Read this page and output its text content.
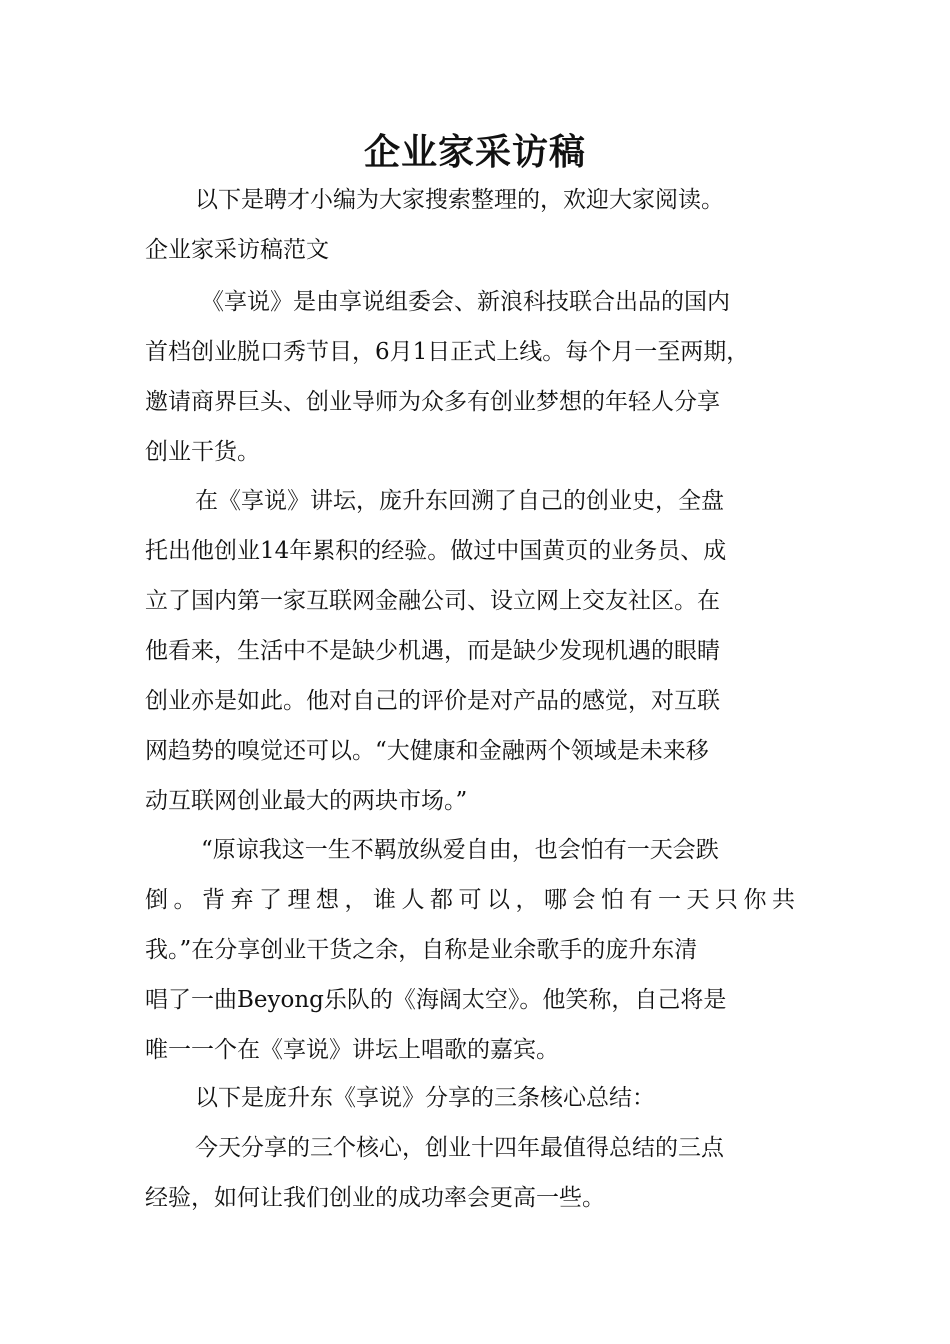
企业家采访稿
以下是聘才小编为大家搜索整理的，欢迎大家阅读。
企业家采访稿范文
《享说》是由享说组委会、新浪科技联合出品的国内
首档创业脱口秀节目，6月1日正式上线。每个月一至两期，
邀请商界巨头、创业导师为众多有创业梦想的年轻人分享
创业干货。
在《享说》讲坛，庞升东回溯了自己的创业史，全盘
托出他创业14年累积的经验。做过中国黄页的业务员、成
立了国内第一家互联网金融公司、设立网上交友社区。在
他看来，生活中不是缺少机遇，而是缺少发现机遇的眼睛
创业亦是如此。他对自己的评价是对产品的感觉，对互联
网趋势的嗅觉还可以。“大健康和金融两个领域是未来移
动互联网创业最大的两块市场。”
“原谅我这一生不羁放纵爱自由，也会怕有一天会跌
倒。背弃了理想，谁人都可以，哪会怕有一天只你共
我。”在分享创业干货之余，自称是业余歌手的庞升东清
唱了一曲Beyong乐队的《海阔太空》。他笑称，自己将是
唯一一个在《享说》讲坛上唱歌的嘉宾。
以下是庞升东《享说》分享的三条核心总结：
今天分享的三个核心，创业十四年最值得总结的三点
经验，如何让我们创业的成功率会更高一些。
